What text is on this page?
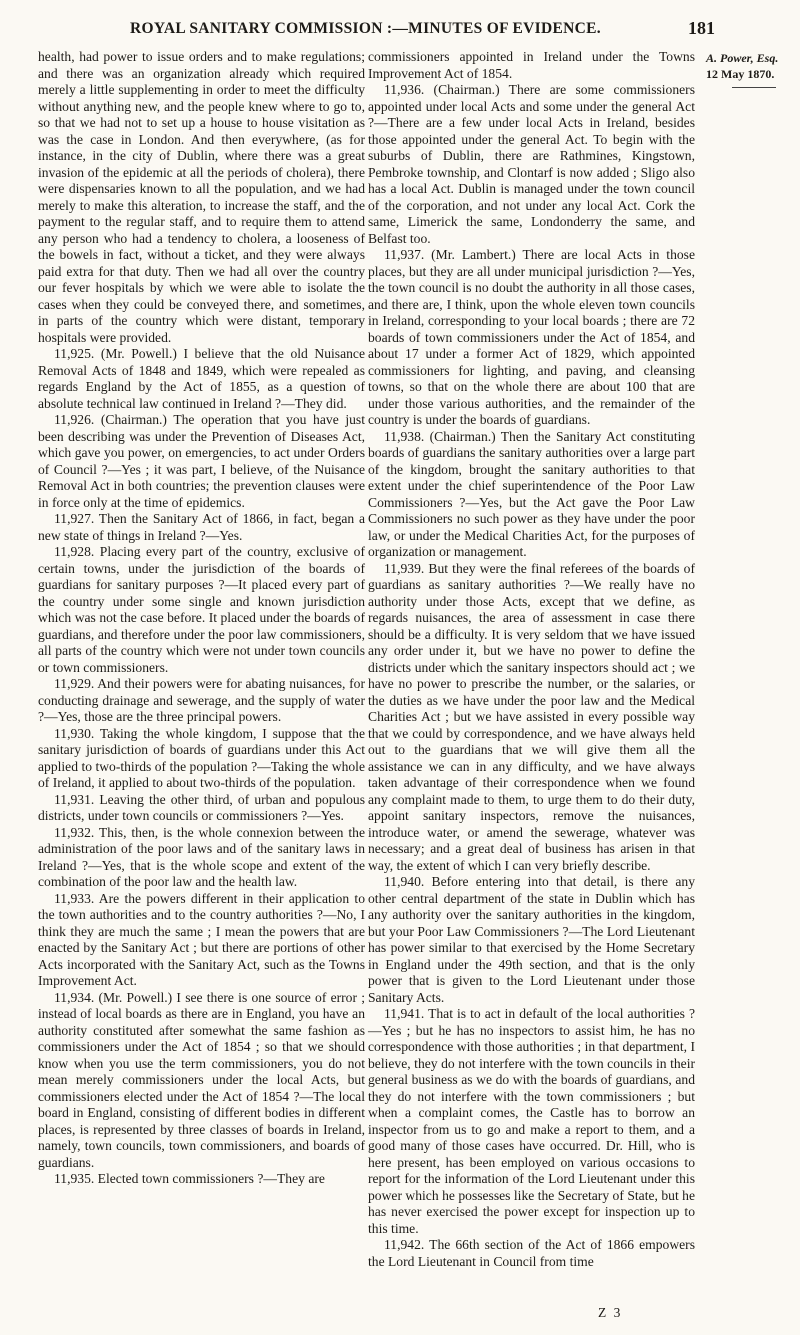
ROYAL SANITARY COMMISSION :—MINUTES OF EVIDENCE.	181
A. Power, Esq.
12 May 1870.

health, had power to issue orders and to make regulations; and there was an organization already which required merely a little supplementing in order to meet the difficulty without anything new, and the people knew where to go to, so that we had not to set up a house to house visitation as was the case in London. And then everywhere, (as for instance, in the city of Dublin, where there was a great invasion of the epidemic at all the periods of cholera), there were dispensaries known to all the population, and we had merely to make this alteration, to increase the staff, and the payment to the regular staff, and to require them to attend any person who had a tendency to cholera, a looseness of the bowels in fact, without a ticket, and they were always paid extra for that duty. Then we had all over the country our fever hospitals by which we were able to isolate the cases when they could be conveyed there, and sometimes, in parts of the country which were distant, temporary hospitals were provided.

11,925. (Mr. Powell.) I believe that the old Nuisance Removal Acts of 1848 and 1849, which were repealed as regards England by the Act of 1855, as a question of absolute technical law continued in Ireland ?—They did.

11,926. (Chairman.) The operation that you have just been describing was under the Prevention of Diseases Act, which gave you power, on emergencies, to act under Orders of Council ?—Yes ; it was part, I believe, of the Nuisance Removal Act in both countries; the prevention clauses were in force only at the time of epidemics.

11,927. Then the Sanitary Act of 1866, in fact, began a new state of things in Ireland ?—Yes.

11,928. Placing every part of the country, exclusive of certain towns, under the jurisdiction of the boards of guardians for sanitary purposes ?—It placed every part of the country under some single and known jurisdiction which was not the case before. It placed under the boards of guardians, and therefore under the poor law commissioners, all parts of the country which were not under town councils or town commissioners.

11,929. And their powers were for abating nuisances, for conducting drainage and sewerage, and the supply of water ?—Yes, those are the three principal powers.

11,930. Taking the whole kingdom, I suppose that the sanitary jurisdiction of boards of guardians under this Act applied to two-thirds of the population ?—Taking the whole of Ireland, it applied to about two-thirds of the population.

11,931. Leaving the other third, of urban and populous districts, under town councils or commissioners ?—Yes.

11,932. This, then, is the whole connexion between the administration of the poor laws and of the sanitary laws in Ireland ?—Yes, that is the whole scope and extent of the combination of the poor law and the health law.

11,933. Are the powers different in their application to the town authorities and to the country authorities ?—No, I think they are much the same ; I mean the powers that are enacted by the Sanitary Act ; but there are portions of other Acts incorporated with the Sanitary Act, such as the Towns Improvement Act.

11,934. (Mr. Powell.) I see there is one source of error ; instead of local boards as there are in England, you have an authority constituted after somewhat the same fashion as commissioners under the Act of 1854 ; so that we should know when you use the term commissioners, you do not mean merely commissioners under the local Acts, but commissioners elected under the Act of 1854 ?—The local board in England, consisting of different bodies in different places, is represented by three classes of boards in Ireland, namely, town councils, town commissioners, and boards of guardians.

11,935. Elected town commissioners ?—They are

commissioners appointed in Ireland under the Towns Improvement Act of 1854.

11,936. (Chairman.) There are some commissioners appointed under local Acts and some under the general Act ?—There are a few under local Acts in Ireland, besides those appointed under the general Act. To begin with the suburbs of Dublin, there are Rathmines, Kingstown, Pembroke township, and Clontarf is now added ; Sligo also has a local Act. Dublin is managed under the town council of the corporation, and not under any local Act. Cork the same, Limerick the same, Londonderry the same, and Belfast too.

11,937. (Mr. Lambert.) There are local Acts in those places, but they are all under municipal jurisdiction ?—Yes, the town council is no doubt the authority in all those cases, and there are, I think, upon the whole eleven town councils in Ireland, corresponding to your local boards ; there are 72 boards of town commissioners under the Act of 1854, and about 17 under a former Act of 1829, which appointed commissioners for lighting, and paving, and cleansing towns, so that on the whole there are about 100 that are under those various authorities, and the remainder of the country is under the boards of guardians.

11,938. (Chairman.) Then the Sanitary Act constituting boards of guardians the sanitary authorities over a large part of the kingdom, brought the sanitary authorities to that extent under the chief superintendence of the Poor Law Commissioners ?—Yes, but the Act gave the Poor Law Commissioners no such power as they have under the poor law, or under the Medical Charities Act, for the purposes of organization or management.

11,939. But they were the final referees of the boards of guardians as sanitary authorities ?—We really have no authority under those Acts, except that we define, as regards nuisances, the area of assessment in case there should be a difficulty. It is very seldom that we have issued any order under it, but we have no power to define the districts under which the sanitary inspectors should act ; we have no power to prescribe the number, or the salaries, or the duties as we have under the poor law and the Medical Charities Act ; but we have assisted in every possible way that we could by correspondence, and we have always held out to the guardians that we will give them all the assistance we can in any difficulty, and we have always taken advantage of their correspondence when we found any complaint made to them, to urge them to do their duty, appoint sanitary inspectors, remove the nuisances, introduce water, or amend the sewerage, whatever was necessary; and a great deal of business has arisen in that way, the extent of which I can very briefly describe.

11,940. Before entering into that detail, is there any other central department of the state in Dublin which has any authority over the sanitary authorities in the kingdom, but your Poor Law Commissioners ?—The Lord Lieutenant has power similar to that exercised by the Home Secretary in England under the 49th section, and that is the only power that is given to the Lord Lieutenant under those Sanitary Acts.

11,941. That is to act in default of the local authorities ?—Yes ; but he has no inspectors to assist him, he has no correspondence with those authorities ; in that department, I believe, they do not interfere with the town councils in their general business as we do with the boards of guardians, and they do not interfere with the town commissioners ; but when a complaint comes, the Castle has to borrow an inspector from us to go and make a report to them, and a good many of those cases have occurred. Dr. Hill, who is here present, has been employed on various occasions to report for the information of the Lord Lieutenant under this power which he possesses like the Secretary of State, but he has never exercised the power except for inspection up to this time.

11,942. The 66th section of the Act of 1866 empowers the Lord Lieutenant in Council from time

Z 3
